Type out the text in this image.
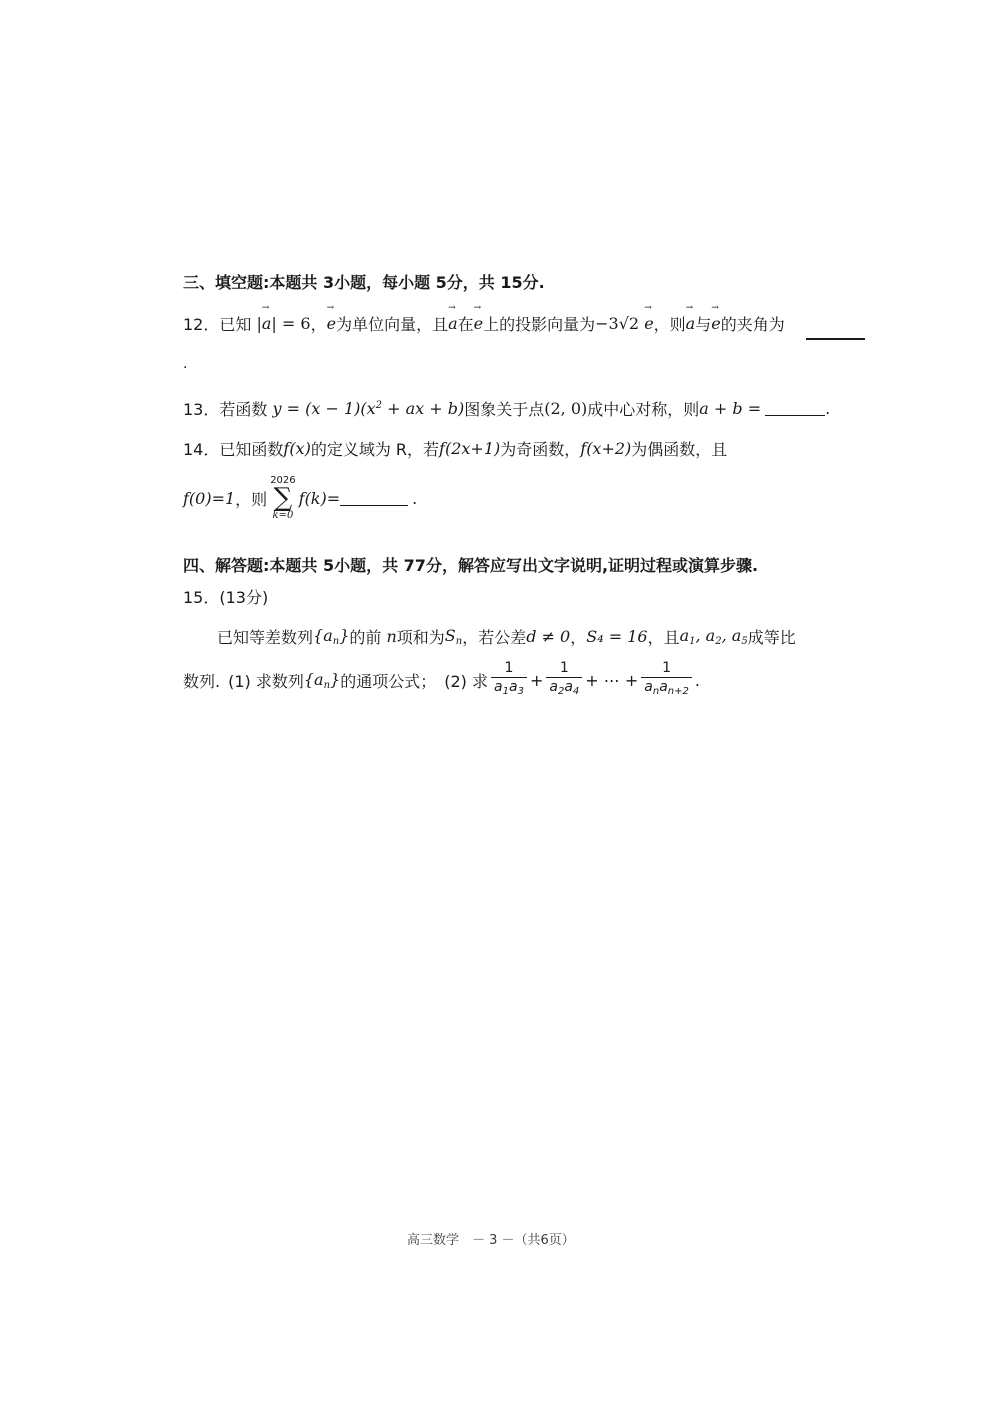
三、填空题:本题共 3小题，每小题 5分，共 15分.
12． 已知 |→ a| = 6 ， → e 为单位向量，且 → a 在 → e 上的投影向量为 −3√2 → e ，则 → a 与 → e 的夹角为
.
13． 若函数 $y = (x - 1)(x^2$ + ax + b) 图象关于点 (2, 0) 成中心对称，则 a + b =	.
14． 已知函数 f(x) 的定义域为 R，若 f(2x+1) 为奇函数， f(x+2) 为偶函数，且
f(0)=1 ，则
2026
∑
k=0
f(k)=	.
四、解答题:本题共 5小题，共 77分，解答应写出文字说明,证明过程或演算步骤.
15． (13分)
已知等差数列 $\{a_n\}$ 的前 n 项和为 $S_n$ ，若公差 d ≠ 0 ， S₄ = 16 ，且 $a_1$, $a_2$, $a_5$ 成等比
数列. (1) 求数列 $\{a_n\}$ 的通项公式； (2) 求 $\frac{1}{a_1a_3} + \frac{1}{a_2a_4}$ + ⋯ + $\frac{1}{a_na_{n+2}}$ .
高三数学　－ 3 －（共6页）
